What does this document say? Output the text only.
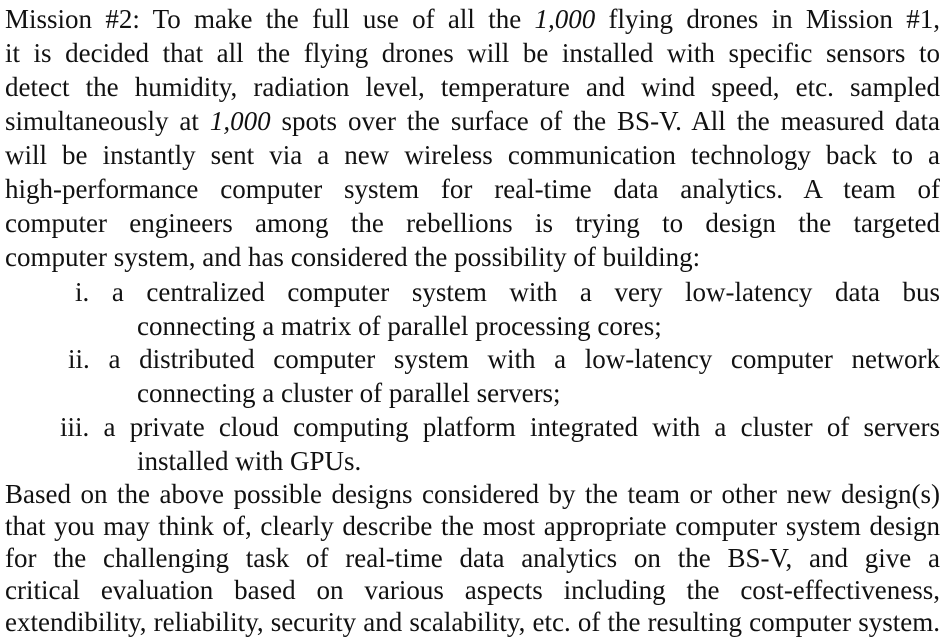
Mission #2: To make the full use of all the 1,000 flying drones in Mission #1,
it is decided that all the flying drones will be installed with specific sensors to
detect the humidity, radiation level, temperature and wind speed, etc. sampled
simultaneously at 1,000 spots over the surface of the BS-V. All the measured data
will be instantly sent via a new wireless communication technology back to a
high-performance computer system for real-time data analytics. A team of
computer engineers among the rebellions is trying to design the targeted
computer system, and has considered the possibility of building:
i. a centralized computer system with a very low-latency data bus
connecting a matrix of parallel processing cores;
ii. a distributed computer system with a low-latency computer network
connecting a cluster of parallel servers;
iii. a private cloud computing platform integrated with a cluster of servers
installed with GPUs.
Based on the above possible designs considered by the team or other new design(s)
that you may think of, clearly describe the most appropriate computer system design
for the challenging task of real-time data analytics on the BS-V, and give a
critical evaluation based on various aspects including the cost-effectiveness,
extendibility, reliability, security and scalability, etc. of the resulting computer system.
